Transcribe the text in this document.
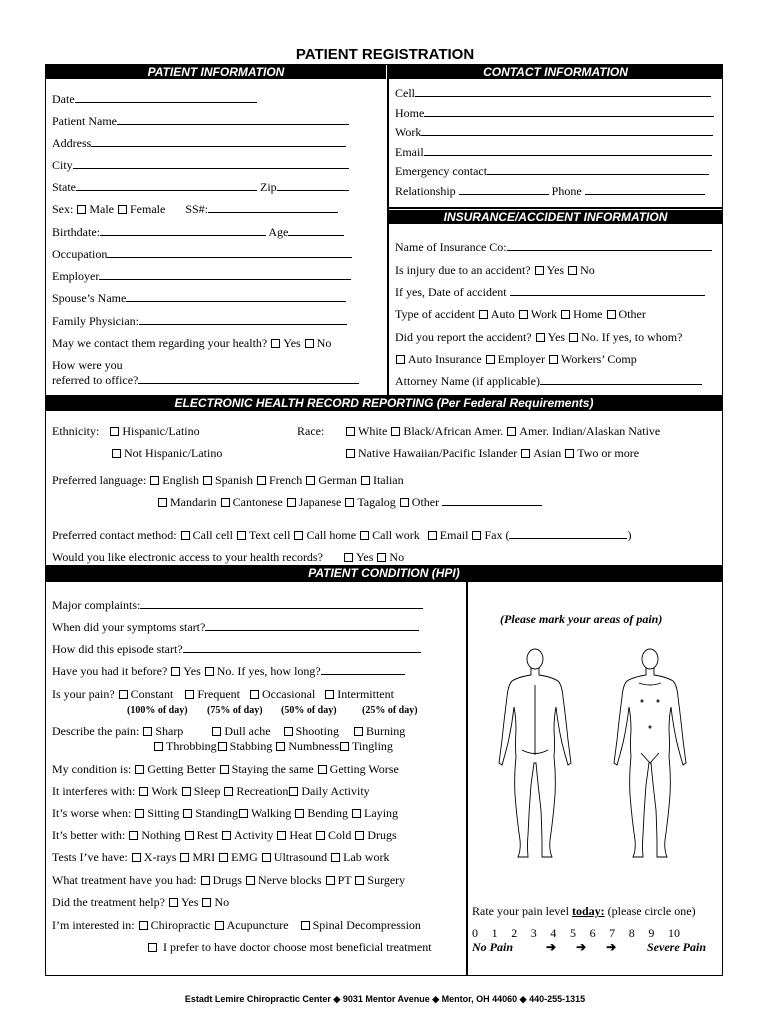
PATIENT REGISTRATION
PATIENT INFORMATION	CONTACT INFORMATION
INSURANCE/ACCIDENT INFORMATION
ELECTRONIC HEALTH RECORD REPORTING (Per Federal Requirements)
PATIENT CONDITION (HPI)
Date
Patient Name
Address
City
State	Zip
Sex: Male Female SS#:
Birthdate:	Age
Occupation
Employer
Spouse’s Name
Family Physician:
May we contact them regarding your health? Yes No
How were you
referred to office?
Cell
Home
Work
Email
Emergency contact
Relationship	Phone
Name of Insurance Co:
Is injury due to an accident? Yes No
If yes, Date of accident
Type of accident Auto Work Home Other
Did you report the accident? Yes No. If yes, to whom?
Auto Insurance Employer Workers’ Comp
Attorney Name (if applicable)
Ethnicity: Hispanic/Latino	Race:	White Black/African Amer. Amer. Indian/Alaskan Native
Not Hispanic/Latino	Native Hawaiian/Pacific Islander Asian Two or more
Preferred language: English Spanish French German Italian
Mandarin Cantonese Japanese Tagalog Other
Preferred contact method: Call cell Text cell Call home Call work Email Fax (	)
Would you like electronic access to your health records?	Yes No
Major complaints:
When did your symptoms start?
How did this episode start?
Have you had it before? Yes No. If yes, how long?
Is your pain? Constant Frequent Occasional Intermittent
(100% of day) (75% of day) (50% of day)	(25% of day)
Describe the pain: Sharp	Dull ache Shooting Burning
Throbbing Stabbing Numbness Tingling
My condition is: Getting Better Staying the same Getting Worse
It interferes with: Work Sleep Recreation Daily Activity
It’s worse when: Sitting Standing Walking Bending Laying
It’s better with: Nothing Rest Activity Heat Cold Drugs
Tests I’ve have: X-rays MRI EMG Ultrasound Lab work
What treatment have you had: Drugs Nerve blocks PT Surgery
Did the treatment help? Yes No
I’m interested in: Chiropractic Acupuncture Spinal Decompression
I prefer to have doctor choose most beneficial treatment
(Please mark your areas of pain)
Rate your pain level today: (please circle one)
0 1 2 3 4 5 6 7 8 9 10
No Pain	➔ ➔ ➔	Severe Pain
Estadt Lemire Chiropractic Center ◆ 9031 Mentor Avenue ◆ Mentor, OH 44060 ◆ 440-255-1315
